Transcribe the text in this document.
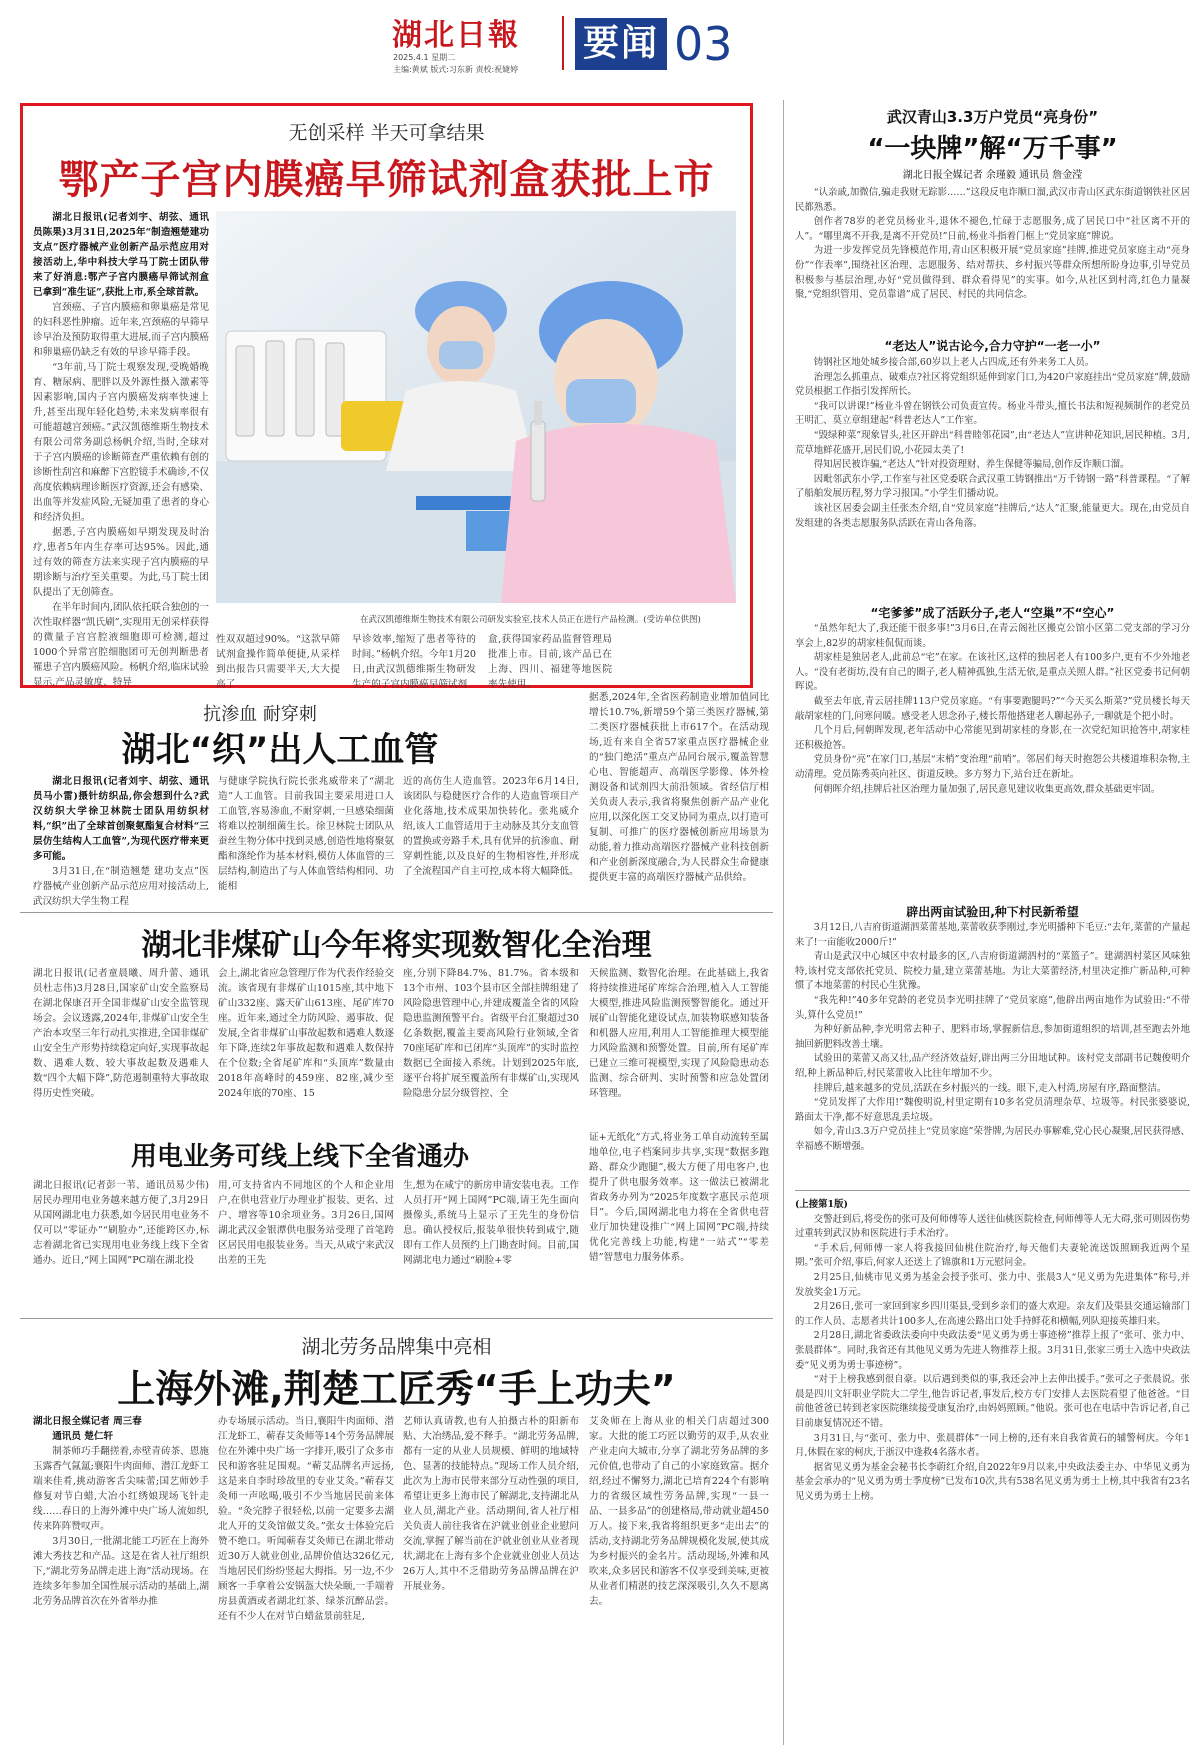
湖北日報
2025.4.1 星期二
主编:黄斌 版式:习东新 责校:祝婕婷
要闻 03
无创采样 半天可拿结果
鄂产子宫内膜癌早筛试剂盒获批上市

湖北日报讯(记者刘宇、胡弦、通讯员陈果)3月31日,2025年“制造翘楚建功支点”医疗器械产业创新产品示范应用对接活动上,华中科技大学马丁院士团队带来了好消息:鄂产子宫内膜癌早筛试剂盒已拿到“准生证”,获批上市,系全球首款。

宫颈癌、子宫内膜癌和卵巢癌是常见的妇科恶性肿瘤。近年来,宫颈癌的早筛早诊早治及预防取得重大进展,而子宫内膜癌和卵巢癌仍缺乏有效的早诊早筛手段。

“3年前,马丁院士观察发现,受晚婚晚育、糖尿病、肥胖以及外源性摄入激素等因素影响,国内子宫内膜癌发病率快速上升,甚至出现年轻化趋势,未来发病率很有可能超越宫颈癌。”武汉凯德维斯生物技术有限公司常务副总杨帆介绍,当时,全球对于子宫内膜癌的诊断筛查严重依赖有创的诊断性刮宫和麻醉下宫腔镜手术确诊,不仅高度依赖病理诊断医疗资源,还会有感染、出血等并发症风险,无疑加重了患者的身心和经济负担。

据悉,子宫内膜癌如早期发现及时治疗,患者5年内生存率可达95%。因此,通过有效的筛查方法来实现子宫内膜癌的早期诊断与治疗至关重要。为此,马丁院士团队提出了无创筛查。

在半年时间内,团队依托联合独创的一次性取样器“凯氏刷”,实现用无创采样获得的微量子宫宫腔液细胞即可检测,超过1000个异常宫腔细胞团可无创判断患者罹患子宫内膜癌风险。杨帆介绍,临床试验显示,产品灵敏度、特异

在武汉凯德维斯生物技术有限公司研发实验室,技术人员正在进行产品检测。(受访单位供图)
性双双超过90%。“这款早筛试剂盒操作简单便捷,从采样到出报告只需要半天,大大提高了
早诊效率,缩短了患者等待的时间。”杨帆介绍。今年1月20日,由武汉凯德维斯生物研发生产的子宫内膜癌早筛试剂
盒,获得国家药品监督管理局批准上市。目前,该产品已在上海、四川、福建等地医院率先使用。
抗渗血 耐穿刺
湖北“织”出人工血管

湖北日报讯(记者刘宇、胡弦、通讯员马小雷)摄针纺织品,你会想到什么?武汉纺织大学徐卫林院士团队用纺织材料,“织”出了全球首创聚氨酯复合材料“三层仿生结构人工血管”,为现代医疗带来更多可能。

3月31日,在“制造翘楚 建功支点”医疗器械产业创新产品示范应用对接活动上,武汉纺织大学生物工程

与健康学院执行院长张兆威带来了“湖北造”人工血管。目前我国主要采用进口人工血管,容易渗血,不耐穿刺,一旦感染细菌将难以控制细菌生长。徐卫林院士团队从蚕丝生物分体中找到灵感,创造性地将聚氨酯和涤纶作为基本材料,模仿人体血管的三层结构,制造出了与人体血管结构相同、功能相
近的高仿生人造血管。2023年6月14日,该团队与稳健医疗合作的人造血管项目产业化落地,技术成果加快转化。张兆威介绍,该人工血管适用于主动脉及其分支血管的置换或旁路手术,具有优异的抗渗血、耐穿刺性能,以及良好的生物相容性,并形成了全流程国产自主可控,成本将大幅降低。
据悉,2024年,全省医药制造业增加值同比增长10.7%,新增59个第三类医疗器械,第二类医疗器械获批上市617个。在活动现场,近有来自全省57家重点医疗器械企业的“独门绝活”重点产品同台展示,覆盖智慧心电、智能超声、高端医学影像、体外检测设备和试剂四大前沿领域。省经信厅相关负责人表示,我省将聚焦创新产品产业化应用,以深化医工交叉协同为重点,以打造可复制、可推广的医疗器械创新应用场景为动能,着力推动高端医疗器械产业科技创新和产业创新深度融合,为人民群众生命健康提供更丰富的高端医疗器械产品供给。
湖北非煤矿山今年将实现数智化全治理
湖北日报讯(记者童晨曦、周升蕾、通讯员杜志伟)3月28日,国家矿山安全监察局在湖北保康召开全国非煤矿山安全监管现场会。会议透露,2024年,非煤矿山安全生产治本攻坚三年行动扎实推进,全国非煤矿山安全生产形势持续稳定向好,实现事故起数、遇难人数、较大事故起数及遇难人数“四个大幅下降”,防范遏制重特大事故取得历史性突破。
会上,湖北省应急管理厅作为代表作经验交流。该省现有非煤矿山1015座,其中地下矿山332座、露天矿山613座、尾矿库70座。近年来,通过全力防风险、遏事故、促发展,全省非煤矿山事故起数和遇难人数逐年下降,连续2年事故起数和遇难人数保持在个位数;全省尾矿库和“头顶库”数量由2018年高峰时的459座、82座,减少至2024年底的70座、15
座,分别下降84.7%、81.7%。省本级和13个市州、103个县市区全部挂牌组建了风险隐患管理中心,并建成覆盖全省的风险隐患监测预警平台。省级平台汇聚超过30亿条数据,覆盖主要高风险行业领域,全省70座尾矿库和已闭库“头顶库”的实时监控数据已全面接入系统。计划到2025年底,逐平台将扩展至覆盖所有非煤矿山,实现风险隐患分层分级管控、全
天候监测、数智化治理。在此基础上,我省将持续推进尾矿库综合治理,植入人工智能大模型,推进风险监测预警智能化。通过开展矿山智能化建设试点,加装物联感知装备和机器人应用,利用人工智能推理大模型能力风险监测和预警处置。目前,所有尾矿库已建立三维可视模型,实现了风险隐患动态监测、综合研判、实时预警和应急处置闭环管理。
用电业务可线上线下全省通办
湖北日报讯(记者彭一苇、通讯员易少伟)居民办理用电业务越来越方便了,3月29日从国网湖北电力获悉,如今居民用电业务不仅可以“零证办”“刷脸办”,还能跨区办,标志着湖北省已实现用电业务线上线下全省通办。近日,“网上国网”PC端在湖北投
用,可支持省内不同地区的个人和企业用户,在供电营业厅办理业扩报装、更名、过户、增容等10余项业务。3月26日,国网湖北武汉金银潭供电服务站受理了首笔跨区居民用电报装业务。当天,从咸宁来武汉出差的王先
生,想为在咸宁的新房申请安装电表。工作人员打开“网上国网”PC端,请王先生面向摄像头,系统马上显示了王先生的身份信息。确认授权后,报装单很快转到咸宁,随即有工作人员预约上门勘查时间。目前,国网湖北电力通过“刷脸+零
证+无纸化”方式,将业务工单自动流转至属地单位,电子档案同步共享,实现“数据多跑路、群众少跑腿”,极大方便了用电客户,也提升了供电服务效率。这一做法已被湖北省政务办列为“2025年度数字惠民示范项目”。今后,国网湖北电力将在全省供电营业厅加快建设推广“网上国网”PC端,持续优化完善线上功能,构建“一站式”“零差错”智慧电力服务体系。
湖北劳务品牌集中亮相
上海外滩,荆楚工匠秀“手上功夫”
湖北日报全媒记者 周三春
通讯员 楚仁轩

制茶师巧手翻搓着,赤壁青砖茶、恩施玉露香气氤氲;襄阳牛肉面师、潜江龙虾工端来佳肴,挑动游客舌尖味蕾;国艺师妙手修复对节白蜡,大冶小红绣娘现场飞针走线……春日的上海外滩中央广场人流如织,传来阵阵赞叹声。

3月30日,一批湖北能工巧匠在上海外滩大秀技艺和产品。这是在省人社厅组织下,“湖北劳务品牌走进上海”活动现场。在连续多年参加全国性展示活动的基础上,湖北劳务品牌首次在外省举办推

办专场展示活动。当日,襄阳牛肉面师、潜江龙虾工、蕲春艾灸师等14个劳务品牌展位在外滩中央广场一字排开,吸引了众多市民和游客驻足围观。“蕲艾品牌名声远扬,这是来自李时珍故里的专业艾灸。”蕲春艾灸师一声吆喝,吸引不少当地居民前来体验。“灸完脖子很轻松,以前一定要多去湖北人开的艾灸馆做艾灸。”张女士体验完后赞不绝口。听闻蕲春艾灸师已在湖北带动近30万人就业创业,品牌价值达326亿元,当地居民们纷纷竖起大拇指。另一边,不少顾客一手拿着公安锅盔大快朵颐,一手端着房县黄酒或者湖北红茶、绿茶沉醉品尝。还有不少人在对节白蜡盆景前驻足,
艺师认真请教,也有人拍摄古朴的阳新布贴、大冶绣品,爱不释手。“湖北劳务品牌,都有一定的从业人员规模、鲜明的地域特色、显著的技能特点。”现场工作人员介绍,此次为上海市民带来部分互动性强的项目,希望让更多上海市民了解湖北,支持湖北从业人员,湖北产业。活动期间,省人社厅相关负责人前往我省在沪就业创业企业慰问交流,掌握了解当前在沪就业创业从业者现状,湖北在上海有多个企业就业创业人员达26万人,其中不乏借助劳务品牌品牌在沪开展业务。
艾灸师在上海从业的相关门店超过300家。大批的能工巧匠以勤劳的双手,从农业产业走向大城市,分享了湖北劳务品牌的多元价值,也带动了自己的小家庭致富。据介绍,经过不懈努力,湖北已培育224个有影响力的省级区域性劳务品牌,实现“一县一品、一县多品”的创建格局,带动就业超450万人。接下来,我省将组织更多“走出去”的活动,支持湖北劳务品牌规模化发展,使其成为乡村振兴的金名片。活动现场,外滩和风吹来,众多居民和游客不仅享受到美味,更被从业者们精湛的技艺深深吸引,久久不愿离去。
武汉青山3.3万户党员“亮身份”
“一块牌”解“万千事”
湖北日报全媒记者 余瑾毅 通讯员 詹金滢

“认亲戚,加微信,骗走我财无踪影……”这段反电诈顺口溜,武汉市青山区武东街道钢铁社区居民都熟悉。

创作者78岁的老党员杨业斗,退休不褪色,忙碌于志愿服务,成了居民口中“社区离不开的人”。“哪里离不开我,是离不开党员!”日前,杨业斗指着门框上“党员家庭”牌说。

为进一步发挥党员先锋模范作用,青山区积极开展“党员家庭”挂牌,推进党员家庭主动“亮身份”“作表率”,围绕社区治理、志愿服务、结对帮扶、乡村振兴等群众所想所盼身边事,引导党员积极参与基层治理,办好“党员做得到、群众看得见”的实事。如今,从社区到村湾,红色力量凝聚,“党组织管用、党员靠谱”成了居民、村民的共同信念。

“老达人”说古论今,合力守护“一老一小”

铸钢社区地处城乡接合部,60岁以上老人占四成,还有外来务工人员。

治理怎么抓重点、破难点?社区将党组织延伸到家门口,为420户家庭挂出“党员家庭”牌,鼓励党员根据工作指引发挥所长。

“我可以讲课!”杨业斗曾在钢铁公司负责宣传。杨业斗带头,擅长书法和短视频制作的老党员王明汇、莫立章组建起“科普老达人”工作室。

“毁绿种菜”现象冒头,社区开辟出“科普睦邻花园”,由“老达人”宣讲种花知识,居民种植。3月,荒草地鲜花盛开,居民们说,小花园太美了!

得知居民被诈骗,“老达人”针对投资理财、养生保健等骗局,创作反诈顺口溜。

因毗邻武东小学,工作室与社区党委联合武汉重工铸钢推出“万千铸钢一路”科普课程。“了解了船舶发展历程,努力学习报国。”小学生们播动说。

该社区居委会副主任张杰介绍,自“党员家庭”挂牌后,“达人”汇聚,能量更大。现在,由党员自发组建的各类志愿服务队活跃在青山各角落。

“宅爹爹”成了活跃分子,老人“空巢”不“空心”

“虽然年纪大了,我还能干很多事!”3月6日,在青云阁社区搬克公馆小区第二党支部的学习分享会上,82岁的胡家桂侃侃而谈。

胡家桂是独居老人,此前总“宅”在家。在该社区,这样的独居老人有100多户,更有不少外地老人。“没有老街坊,没有自己的圈子,老人精神孤独,生活无依,是重点关照人群。”社区党委书记何朝晖说。

截至去年底,青云居挂牌113户党员家庭。“有事要跑腿吗?”“今天买么斯菜?”党员楼长每天敲胡家桂的门,问寒问暖。感受老人思念孙子,楼长帮他搭建老人聊起孙子,一聊就是个把小时。

几个月后,何朝晖发现,老年活动中心常能见到胡家桂的身影,在一次党纪知识抢答中,胡家桂还积极抢答。

党员身份“亮”在家门口,基层“末梢”变治理“前哨”。邻居们每天时抱怨公共楼道堆积杂物,主动清理。党员陈秀英向社区、街道反映。多方努力下,站台迁在新址。

何朝晖介绍,挂牌后社区治理力量加强了,居民意见建议收集更高效,群众基础更牢固。

辟出两亩试验田,种下村民新希望

3月12日,八吉府街道湖泗菜蕾基地,菜蕾收获季刚过,李光明播种下毛豆:“去年,菜蕾的产量起来了!一亩能收2000斤!”

青山是武汉中心城区中农村最多的区,八吉府街道湖泗村的“菜篮子”。建湖泗村菜区风味独特,该村党支部依托党员、院校力量,建立菜蕾基地。为让大菜蕾经济,村里决定推广新品种,可种惯了本地菜蕾的村民心生犹豫。

“我先种!”40多年党龄的老党员李光明挂牌了“党员家庭”,他辟出两亩地作为试验田:“不带头,算什么党员!”

为种好新品种,李光明常去种子、肥料市场,掌握新信息,参加街道组织的培训,甚至跑去外地抽回新肥料改善土壤。

试验田的菜蕾又高又壮,品产经济效益好,辟出两三分田地试种。该村党支部副书记魏俊明介绍,种上新品种后,村民菜蕾收入比往年增加不少。

挂牌后,越来越多的党员,活跃在乡村振兴的一线。眼下,走入村湾,房屋有序,路面整洁。

“党员发挥了大作用!”魏俊明说,村里定期有10多名党员清理杂草、垃圾等。村民张婆婆说,路面太干净,都不好意思乱丢垃圾。

如今,青山3.3万户党员挂上“党员家庭”荣誉牌,为居民办事解难,党心民心凝聚,居民获得感、幸福感不断增强。

(上接第1版)

交警赶到后,将受伤的张可及何师傅等人送往仙桃医院检查,何师傅等人无大碍,张可则因伤势过重转到武汉协和医院进行手术治疗。

“手术后,何师傅一家人将我接回仙桃住院治疗,每天他们夫妻轮流送饭照顾我近两个星期。”张可介绍,事后,何家人还送上了锦旗和1万元慰问金。

2月25日,仙桃市见义勇为基金会授予张可、张力中、张晨3人“见义勇为先进集体”称号,并发放奖金1万元。

2月26日,张可一家回到家乡四川渠县,受到乡亲们的盛大欢迎。亲友们及渠县交通运输部门的工作人员、志愿者共计100多人,在高速公路出口处手持鲜花和横幅,列队迎接英雄归来。

2月28日,湖北省委政法委向中央政法委“见义勇为勇士事迹榜”推荐上报了“张可、张力中、张晨群体”。同时,我省还有其他见义勇为先进人物推荐上报。3月31日,张家三勇士入选中央政法委“见义勇为勇士事迹榜”。

“对于上榜我感到很自豪。以后遇到类似的事,我还会冲上去伸出援手。”张可之子张晨说。张晨是四川文轩职业学院大二学生,他告诉记者,事发后,校方专门安排人去医院看望了他爸爸。“目前他爸爸已转到老家医院继续接受康复治疗,由妈妈照顾。”他说。张可也在电话中告诉记者,自己目前康复情况还不错。

3月31日,与“张可、张力中、张晨群体”一同上榜的,还有来自我省黄石的辅警柯庆。今年1月,休假在家的柯庆,于浙汉中逢救4名落水者。

据省见义勇为基金会秘书长李蔚红介绍,自2022年9月以来,中央政法委主办、中华见义勇为基金会承办的“见义勇为勇士季度榜”已发布10次,共有538名见义勇为勇士上榜,其中我省有23名见义勇为勇士上榜。
